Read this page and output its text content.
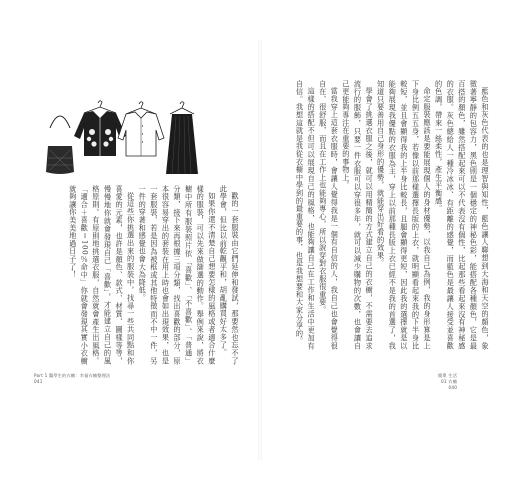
歡的一套服裝由它們延伸和發試，那要然也忘不了此學會，但比以前乾觀平和，胡亂購買好太多了。

如果你還不清楚自己想要怎樣的風格或者適合什麼樣的服裝，可以先來做篩選的動作。舉例來說，將衣櫥中所有服裝照片依「喜歡」、「不喜歡」、「普通」分類，接下來再根據三項分類，找出喜歡的部分，原本很容易穿出的套裝在用上時也會如出現效果，也是一套服裝，若是因為被框或其他特徵而不中一件，另一件的穿著和感覺也會大為降低。

從這些你挑選出來的服裝中，找尋一些共同點和你喜愛的元素，也許是顏色、款式、材質、圖樣等等，慢慢地你就會發現自己「喜歡」，才能建立自己的風格原則。有原則地挑選衣服，自然就會產生出風格。「適合＋喜歡＝100％命中」你就會發現其實小衣櫥就夠讓你美美地過日子了！	藍色和灰色代表的也是理智與知性，藍色讓人聯想到大海和天空的顏色，象徵著寧靜的包容力，黑色則是一個穩定的神秘色彩，能搭配各種顏色，它是最百搭的顏色，雖然搭配起來可以不代表沒有個性，比起那些看起來沒有神秘感的衣服。灰色總給人一種冷冰冰、有距離的感覺，而藍色是最讓人接受並喜歡的色調，帶來一絲柔性，產生平衡感。

命定服裝應該是要能展現個人的身材優勢，以我自己為例，我的身形算是上下身比例五五身，若像以前那樣選擇長版的上衣，就明顯看起來我的下半身比較短，並且會顯得我的上半身比較長，且腿會顯得更短，因此我的選擇就是以能夠展現我優點的衣服為主，穿上以前那種長版上衣已經不是我的首選了，我知道只要善用自己身形的優勢，就能穿出好看的效果。

學會了挑選衣服之後，就可以用精簡的方式建立自己的衣櫥，不需要去追求流行的服飾，只要一件衣服可以穿很多年，就可以減少購物的次數，也會讓自己更能夠專注在重要的事物上。

當我穿上這套衣服時，會讓人覺得我是一個有自信的人，我自己也會覺得很自在、很舒服，而且在工作上也能夠專心，所以說穿對衣服很重要。

這樣的搭配不但可以展現自己的風格，也能夠讓自己在工作和生活中更加有自信。我想這就是我從衣櫥中學到的最重要的事，也是我想要和大家分享的。

Part 1 醫學生的衣櫥：幸福衣櫥整理法
041
簡單 生活
01 衣櫥
040
